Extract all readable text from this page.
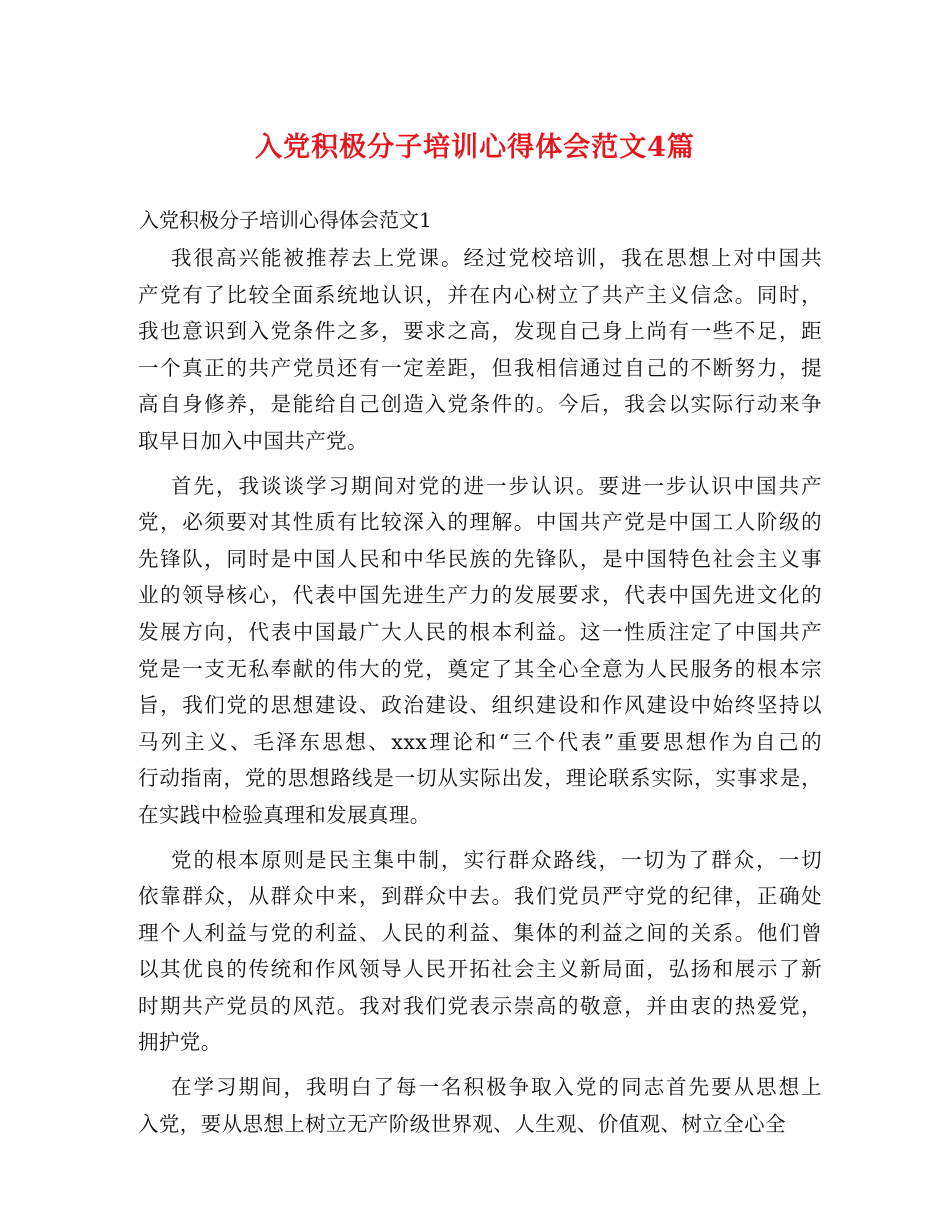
入党积极分子培训心得体会范文4篇
入党积极分子培训心得体会范文1
我很高兴能被推荐去上党课。经过党校培训，我在思想上对中国共
产党有了比较全面系统地认识，并在内心树立了共产主义信念。同时，
我也意识到入党条件之多，要求之高，发现自己身上尚有一些不足，距
一个真正的共产党员还有一定差距，但我相信通过自己的不断努力，提
高自身修养，是能给自己创造入党条件的。今后，我会以实际行动来争
取早日加入中国共产党。
首先，我谈谈学习期间对党的进一步认识。要进一步认识中国共产
党，必须要对其性质有比较深入的理解。中国共产党是中国工人阶级的
先锋队，同时是中国人民和中华民族的先锋队，是中国特色社会主义事
业的领导核心，代表中国先进生产力的发展要求，代表中国先进文化的
发展方向，代表中国最广大人民的根本利益。这一性质注定了中国共产
党是一支无私奉献的伟大的党，奠定了其全心全意为人民服务的根本宗
旨，我们党的思想建设、政治建设、组织建设和作风建设中始终坚持以
马列主义、毛泽东思想、xxx理论和“三个代表”重要思想作为自己的
行动指南，党的思想路线是一切从实际出发，理论联系实际，实事求是，
在实践中检验真理和发展真理。
党的根本原则是民主集中制，实行群众路线，一切为了群众，一切
依靠群众，从群众中来，到群众中去。我们党员严守党的纪律，正确处
理个人利益与党的利益、人民的利益、集体的利益之间的关系。他们曾
以其优良的传统和作风领导人民开拓社会主义新局面，弘扬和展示了新
时期共产党员的风范。我对我们党表示崇高的敬意，并由衷的热爱党，
拥护党。
在学习期间，我明白了每一名积极争取入党的同志首先要从思想上
入党，要从思想上树立无产阶级世界观、人生观、价值观、树立全心全
